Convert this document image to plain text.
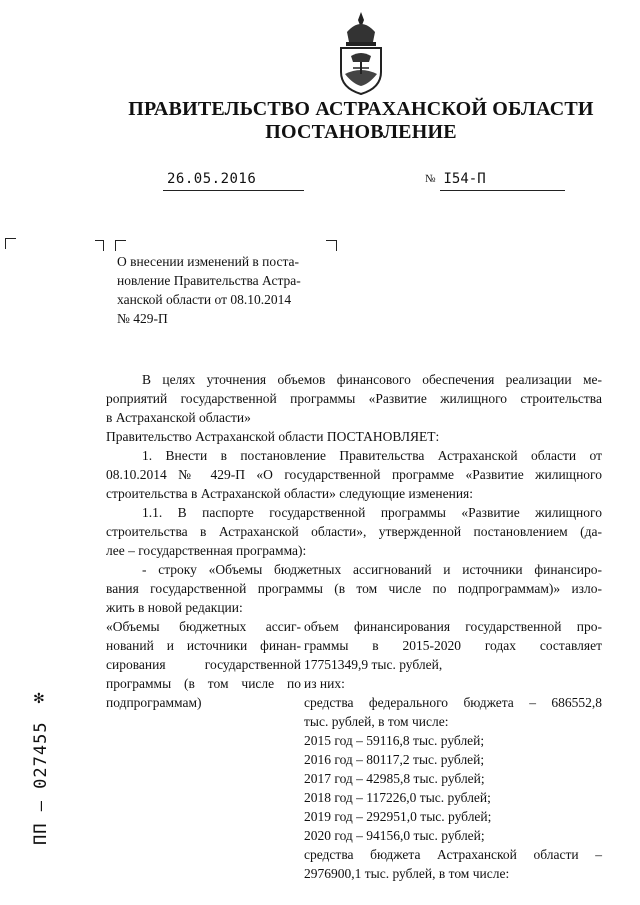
ПРАВИТЕЛЬСТВО АСТРАХАНСКОЙ ОБЛАСТИ
ПОСТАНОВЛЕНИЕ
26.05.2016	№ I54-П
О внесении изменений в поста-
новление Правительства Астра-
ханской области от 08.10.2014
№ 429-П

В целях уточнения объемов финансового обеспечения реализации ме-
роприятий государственной программы «Развитие жилищного строительства
в Астраханской области»

Правительство Астраханской области ПОСТАНОВЛЯЕТ:

1. Внести в постановление Правительства Астраханской области от
08.10.2014 № 429-П «О государственной программе «Развитие жилищного
строительства в Астраханской области» следующие изменения:

1.1. В паспорте государственной программы «Развитие жилищного
строительства в Астраханской области», утвержденной постановлением (да-
лее – государственная программа):

- строку «Объемы бюджетных ассигнований и источники финансиро-
вания государственной программы (в том числе по подпрограммам)» изло-
жить в новой редакции:

«Объемы бюджетных ассиг-
нований и источники финан-
сирования государственной
программы (в том числе по
подпрограммам)
объем финансирования государственной про-
граммы в 2015-2020 годах составляет
17751349,9 тыс. рублей,
из них:
средства федерального бюджета – 686552,8
тыс. рублей, в том числе:
2015 год – 59116,8 тыс. рублей;
2016 год – 80117,2 тыс. рублей;
2017 год – 42985,8 тыс. рублей;
2018 год – 117226,0 тыс. рублей;
2019 год – 292951,0 тыс. рублей;
2020 год – 94156,0 тыс. рублей;
средства бюджета Астраханской области –
2976900,1 тыс. рублей, в том числе:
✻
ПП – 027455
